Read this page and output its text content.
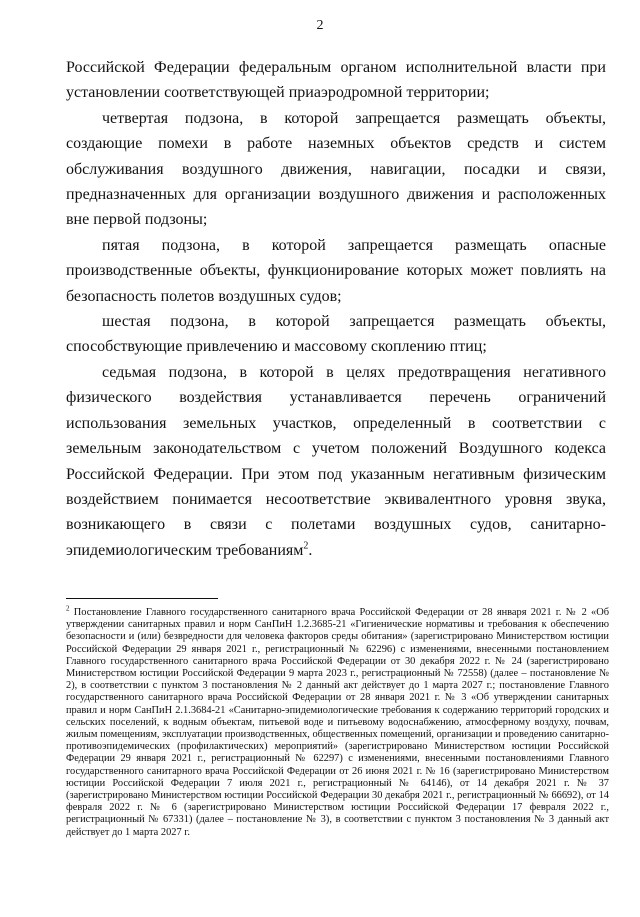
2

Российской Федерации федеральным органом исполнительной власти при установлении соответствующей приаэродромной территории;

четвертая подзона, в которой запрещается размещать объекты, создающие помехи в работе наземных объектов средств и систем обслуживания воздушного движения, навигации, посадки и связи, предназначенных для организации воздушного движения и расположенных вне первой подзоны;

пятая подзона, в которой запрещается размещать опасные производственные объекты, функционирование которых может повлиять на безопасность полетов воздушных судов;

шестая подзона, в которой запрещается размещать объекты, способствующие привлечению и массовому скоплению птиц;

седьмая подзона, в которой в целях предотвращения негативного физического воздействия устанавливается перечень ограничений использования земельных участков, определенный в соответствии с земельным законодательством с учетом положений Воздушного кодекса Российской Федерации. При этом под указанным негативным физическим воздействием понимается несоответствие эквивалентного уровня звука, возникающего в связи с полетами воздушных судов, санитарно-эпидемиологическим требованиям$^2$.

$^2$ Постановление Главного государственного санитарного врача Российской Федерации от 28 января 2021 г. № 2 «Об утверждении санитарных правил и норм СанПиН 1.2.3685-21 «Гигиенические нормативы и требования к обеспечению безопасности и (или) безвредности для человека факторов среды обитания» (зарегистрировано Министерством юстиции Российской Федерации 29 января 2021 г., регистрационный № 62296) с изменениями, внесенными постановлением Главного государственного санитарного врача Российской Федерации от 30 декабря 2022 г. № 24 (зарегистрировано Министерством юстиции Российской Федерации 9 марта 2023 г., регистрационный № 72558) (далее – постановление № 2), в соответствии с пунктом 3 постановления № 2 данный акт действует до 1 марта 2027 г.; постановление Главного государственного санитарного врача Российской Федерации от 28 января 2021 г. № 3 «Об утверждении санитарных правил и норм СанПиН 2.1.3684-21 «Санитарно-эпидемиологические требования к содержанию территорий городских и сельских поселений, к водным объектам, питьевой воде и питьевому водоснабжению, атмосферному воздуху, почвам, жилым помещениям, эксплуатации производственных, общественных помещений, организации и проведению санитарно-противоэпидемических (профилактических) мероприятий» (зарегистрировано Министерством юстиции Российской Федерации 29 января 2021 г., регистрационный № 62297) с изменениями, внесенными постановлениями Главного государственного санитарного врача Российской Федерации от 26 июня 2021 г. № 16 (зарегистрировано Министерством юстиции Российской Федерации 7 июля 2021 г., регистрационный № 64146), от 14 декабря 2021 г. № 37 (зарегистрировано Министерством юстиции Российской Федерации 30 декабря 2021 г., регистрационный № 66692), от 14 февраля 2022 г. № 6 (зарегистрировано Министерством юстиции Российской Федерации 17 февраля 2022 г., регистрационный № 67331) (далее – постановление № 3), в соответствии с пунктом 3 постановления № 3 данный акт действует до 1 марта 2027 г.
